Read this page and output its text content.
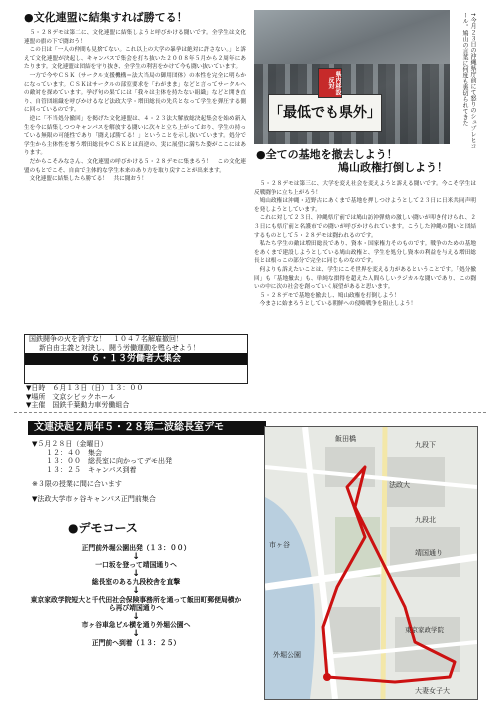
●文化連盟に結集すれば勝てる！

５・２８デモは第二に、文化連盟に結集しようと呼びかける闘いです。全学生は文化連盟の旗の下で闘おう！

この日は「一人の仲間も見捨てない。これ以上の大学の暴挙は絶対に許さない。」と訴えて文化連盟が決起し、キャンパスで集会を打ち抜いた２００８年５月から２周年にあたります。文化連盟は団結を守り抜き、全学生の利害をかけて今も闘い抜いています。

一方で今やＣＳＫ（サークル支援機構＝法大当局の御用団体）の本性を完全に明らかになっています。ＣＳＫはサークルの部室要求を「わがまま」などと言ってサークルへの敵対を探めています。挙げ句の果てには「我々は主体を持たない組織」などと開き直り、自管団組織を呼びかけるなど法政大学・増田総長の先兵となって学生を弾圧する側に回っているのです。

逆に「不当処分撤回」を掲げた文化連盟は、４・２３法大解放総決起集会を始め新入生を今に結集しつつキャンパスを解放する闘いに次々と立ち上がっており、学生の持っている無限の可能性であり「闘えば勝てる！」ということを示し抜いています。処分で学生から主体性を奪う増田総長やＣＳＫとは真逆の、実に展望に満ちた姿がここにはあります。

だからこそみなさん、文化連盟の呼びかける５・２８デモに集まろう！　この文化連盟のもとでこそ、自由で主体的な学生本来のあり方を取り戻すことが出来ます。

文化連盟に結集したら勝てる！　共に闘おう！

「最低でも県外」
県内移設反対	↑今月２３日の沖縄県庁前にて怒りのシュプレヒコール。鳩山の言葉に何度も裏切られてきた
●全ての基地を撤去しよう！
鳩山政権打倒しよう！

５・２８デモは第三に、大学を変え社会を変えようと訴える闘いです。今こそ学生は反戦闘争に立ち上がろう！

鳩山政権は沖縄・辺野古にあくまで基地を押しつけようとして２３日に日米共同声明を発しようとしています。

これに対して２３日、沖縄県庁前では鳩山訪沖弾劾の激しい闘いが叩き付けられ、２３日にも県庁前と名護市での闘いが呼びかけられています。こうした沖縄の闘いと団結するものとして５・２８デモは闘われるのです。

私たち学生の敵は増田総長であり、資本・国家権力そのものです。戦争のための基地をあくまで建設しようとしている鳩山政権と、学生を処分し資本の利益を与える増田総長とは根っこの部分で完全に同じものなのです。

何よりも訴えたいことは、学生にこそ世界を変える力があるということです。「処分撤回」も「基地撤去」も、単純な損得を超えた人間らしいラジカルな闘いであり、この闘いの中に次の社会を創っていく展望があると思います。

５・２８デモで基地を撤去し、鳩山政権を打倒しよう！

今まさに始まろうとしている朝鮮への侵略戦争を阻止しよう！

国鉄闘争の火を消すな！　１０４７名解雇撤回！
新自由主義と対決し、闘う労働運動を甦らせよう！
６・１３労働者大集会
▼日時　６月１３日（日）１３：００
▼場所　文京シビックホール
▼主催　国鉄千葉動力車労働組合
文連決起２周年５・２８第二波総長室デモ
▼５月２８日（金曜日）
１２：４０　集会
１３：００　総長室に向かってデモ出発
１３：２５　キャンパス到着
※３限の授業に間に合います
▼法政大学市ヶ谷キャンパス正門前集合
●デモコース
正門前外堀公園出発（１３：００）
↓
一口坂を登って靖国通りへ
↓
総長室のある九段校舎を直撃
↓
東京家政学院短大と千代田社会保険事務所を通って飯田町郵便局横から再び靖国通りへ
↓
市ヶ谷車急ビル横を通り外堀公園へ
↓
正門前へ到着（１３：２５）
九段下
法政大
九段北
市ヶ谷
外堀公園
靖国通り
東京家政学院
大妻女子大
飯田橋
